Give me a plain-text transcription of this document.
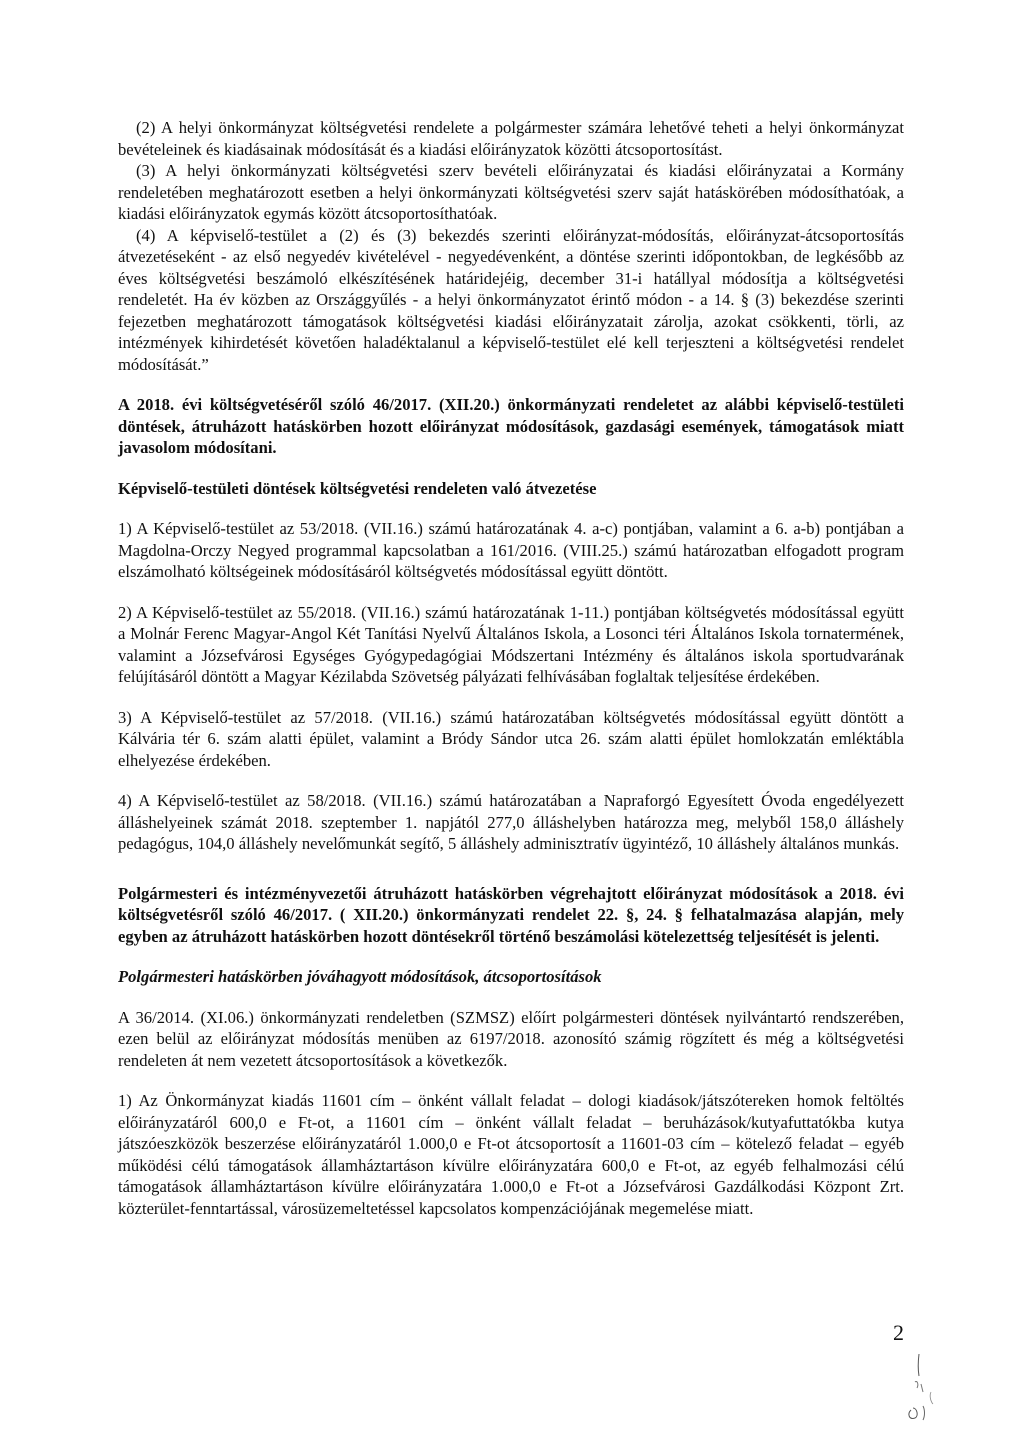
(2) A helyi önkormányzat költségvetési rendelete a polgármester számára lehetővé teheti a helyi önkormányzat bevételeinek és kiadásainak módosítását és a kiadási előirányzatok közötti átcsoportosítást.

(3) A helyi önkormányzati költségvetési szerv bevételi előirányzatai és kiadási előirányzatai a Kormány rendeletében meghatározott esetben a helyi önkormányzati költségvetési szerv saját hatáskörében módosíthatóak, a kiadási előirányzatok egymás között átcsoportosíthatóak.

(4) A képviselő-testület a (2) és (3) bekezdés szerinti előirányzat-módosítás, előirányzat-átcsoportosítás átvezetéseként - az első negyedév kivételével - negyedévenként, a döntése szerinti időpontokban, de legkésőbb az éves költségvetési beszámoló elkészítésének határidejéig, december 31-i hatállyal módosítja a költségvetési rendeletét. Ha év közben az Országgyűlés - a helyi önkormányzatot érintő módon - a 14. § (3) bekezdése szerinti fejezetben meghatározott támogatások költségvetési kiadási előirányzatait zárolja, azokat csökkenti, törli, az intézmények kihirdetését követően haladéktalanul a képviselő-testület elé kell terjeszteni a költségvetési rendelet módosítását.”

A 2018. évi költségvetéséről szóló 46/2017. (XII.20.) önkormányzati rendeletet az alábbi képviselő-testületi döntések, átruházott hatáskörben hozott előirányzat módosítások, gazdasági események, támogatások miatt javasolom módosítani.

Képviselő-testületi döntések költségvetési rendeleten való átvezetése

1) A Képviselő-testület az 53/2018. (VII.16.) számú határozatának 4. a-c) pontjában, valamint a 6. a-b) pontjában a Magdolna-Orczy Negyed programmal kapcsolatban a 161/2016. (VIII.25.) számú határozatban elfogadott program elszámolható költségeinek módosításáról költségvetés módosítással együtt döntött.

2) A Képviselő-testület az 55/2018. (VII.16.) számú határozatának 1-11.) pontjában költségvetés módosítással együtt a Molnár Ferenc Magyar-Angol Két Tanítási Nyelvű Általános Iskola, a Losonci téri Általános Iskola tornatermének, valamint a Józsefvárosi Egységes Gyógypedagógiai Módszertani Intézmény és általános iskola sportudvarának felújításáról döntött a Magyar Kézilabda Szövetség pályázati felhívásában foglaltak teljesítése érdekében.

3) A Képviselő-testület az 57/2018. (VII.16.) számú határozatában költségvetés módosítással együtt döntött a Kálvária tér 6. szám alatti épület, valamint a Bródy Sándor utca 26. szám alatti épület homlokzatán emléktábla elhelyezése érdekében.

4) A Képviselő-testület az 58/2018. (VII.16.) számú határozatában a Napraforgó Egyesített Óvoda engedélyezett álláshelyeinek számát 2018. szeptember 1. napjától 277,0 álláshelyben határozza meg, melyből 158,0 álláshely pedagógus, 104,0 álláshely nevelőmunkát segítő, 5 álláshely adminisztratív ügyintéző, 10 álláshely általános munkás.

Polgármesteri és intézményvezetői átruházott hatáskörben végrehajtott előirányzat módosítások a 2018. évi költségvetésről szóló 46/2017. ( XII.20.) önkormányzati rendelet 22. §, 24. § felhatalmazása alapján, mely egyben az átruházott hatáskörben hozott döntésekről történő beszámolási kötelezettség teljesítését is jelenti.

Polgármesteri hatáskörben jóváhagyott módosítások, átcsoportosítások

A 36/2014. (XI.06.) önkormányzati rendeletben (SZMSZ) előírt polgármesteri döntések nyilvántartó rendszerében, ezen belül az előirányzat módosítás menüben az 6197/2018. azonosító számig rögzített és még a költségvetési rendeleten át nem vezetett átcsoportosítások a következők.

1) Az Önkormányzat kiadás 11601 cím – önként vállalt feladat – dologi kiadások/játszótereken homok feltöltés előirányzatáról 600,0 e Ft-ot, a 11601 cím – önként vállalt feladat – beruházások/kutyafuttatókba kutya játszóeszközök beszerzése előirányzatáról 1.000,0 e Ft-ot átcsoportosít a 11601-03 cím – kötelező feladat – egyéb működési célú támogatások államháztartáson kívülre előirányzatára 600,0 e Ft-ot, az egyéb felhalmozási célú támogatások államháztartáson kívülre előirányzatára 1.000,0 e Ft-ot a Józsefvárosi Gazdálkodási Központ Zrt. közterület-fenntartással, városüzemeltetéssel kapcsolatos kompenzációjának megemelése miatt.

2
